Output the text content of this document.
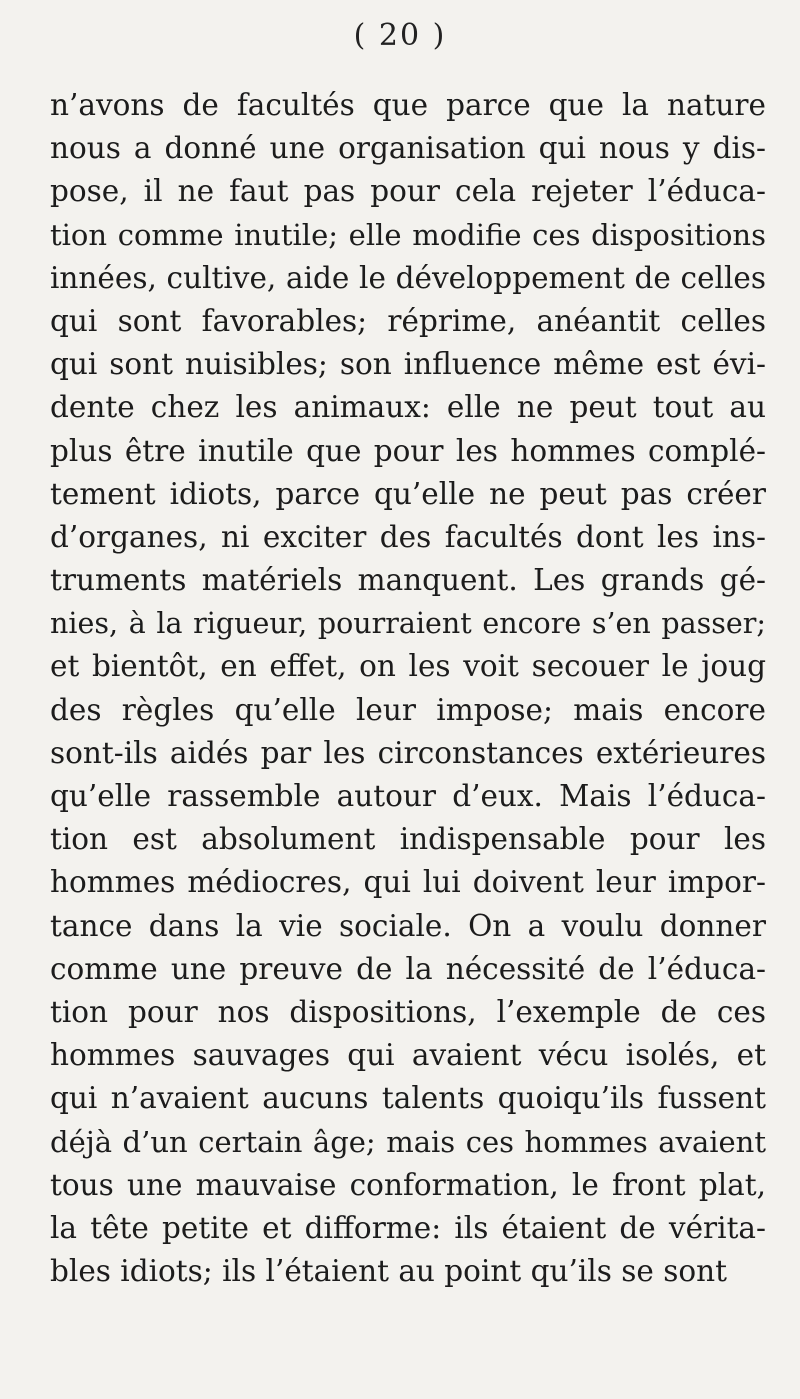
( 20 )
n’avons de facultés que parce que la nature
nous a donné une organisation qui nous y dis-
pose, il ne faut pas pour cela rejeter l’éduca-
tion comme inutile; elle modifie ces dispositions
innées, cultive, aide le développement de celles
qui sont favorables; réprime, anéantit celles
qui sont nuisibles; son influence même est évi-
dente chez les animaux: elle ne peut tout au
plus être inutile que pour les hommes complé-
tement idiots, parce qu’elle ne peut pas créer
d’organes, ni exciter des facultés dont les ins-
truments matériels manquent. Les grands gé-
nies, à la rigueur, pourraient encore s’en passer;
et bientôt, en effet, on les voit secouer le joug
des règles qu’elle leur impose; mais encore
sont-ils aidés par les circonstances extérieures
qu’elle rassemble autour d’eux. Mais l’éduca-
tion est absolument indispensable pour les
hommes médiocres, qui lui doivent leur impor-
tance dans la vie sociale. On a voulu donner
comme une preuve de la nécessité de l’éduca-
tion pour nos dispositions, l’exemple de ces
hommes sauvages qui avaient vécu isolés, et
qui n’avaient aucuns talents quoiqu’ils fussent
déjà d’un certain âge; mais ces hommes avaient
tous une mauvaise conformation, le front plat,
la tête petite et difforme: ils étaient de vérita-
bles idiots; ils l’étaient au point qu’ils se sont
